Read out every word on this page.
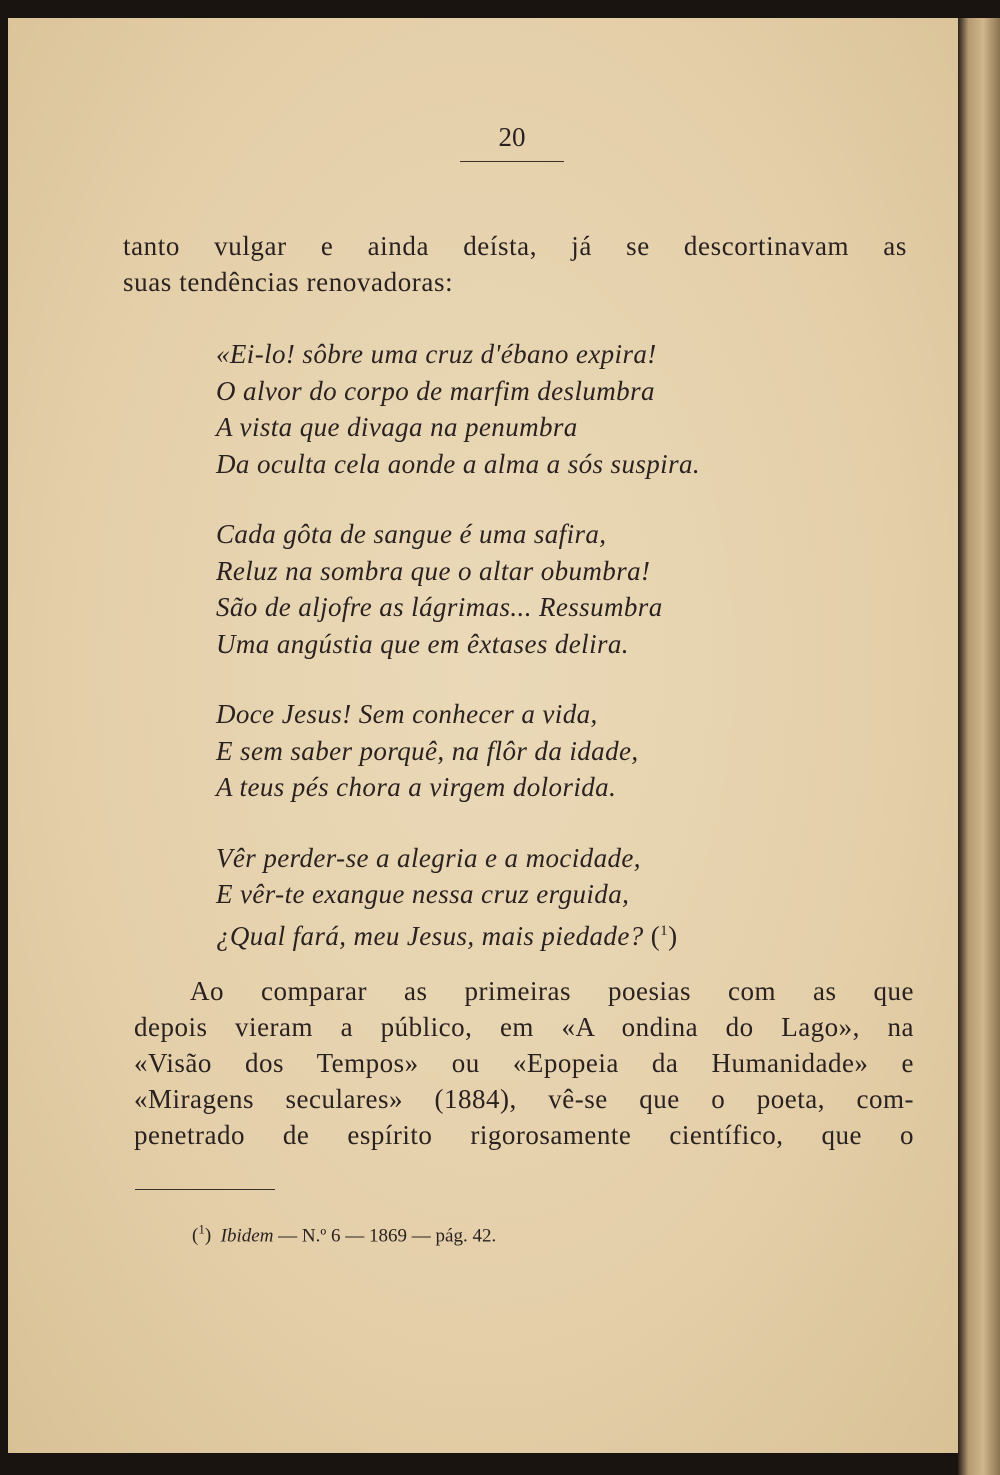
20

tanto vulgar e ainda deísta, já se descortinavam as

suas tendências renovadoras:

«Ei-lo! sôbre uma cruz d'ébano expira!
O alvor do corpo de marfim deslumbra
A vista que divaga na penumbra
Da oculta cela aonde a alma a sós suspira.
Cada gôta de sangue é uma safira,
Reluz na sombra que o altar obumbra!
São de aljofre as lágrimas... Ressumbra
Uma angústia que em êxtases delira.
Doce Jesus! Sem conhecer a vida,
E sem saber porquê, na flôr da idade,
A teus pés chora a virgem dolorida.
Vêr perder-se a alegria e a mocidade,
E vêr-te exangue nessa cruz erguida,
¿Qual fará, meu Jesus, mais piedade? ($^1$)

Ao comparar as primeiras poesias com as que

depois vieram a público, em «A ondina do Lago», na

«Visão dos Tempos» ou «Epopeia da Humanidade» e

«Miragens seculares» (1884), vê-se que o poeta, com-

penetrado de espírito rigorosamente científico, que o

($^1$) Ibidem — N.º 6 — 1869 — pág. 42.
